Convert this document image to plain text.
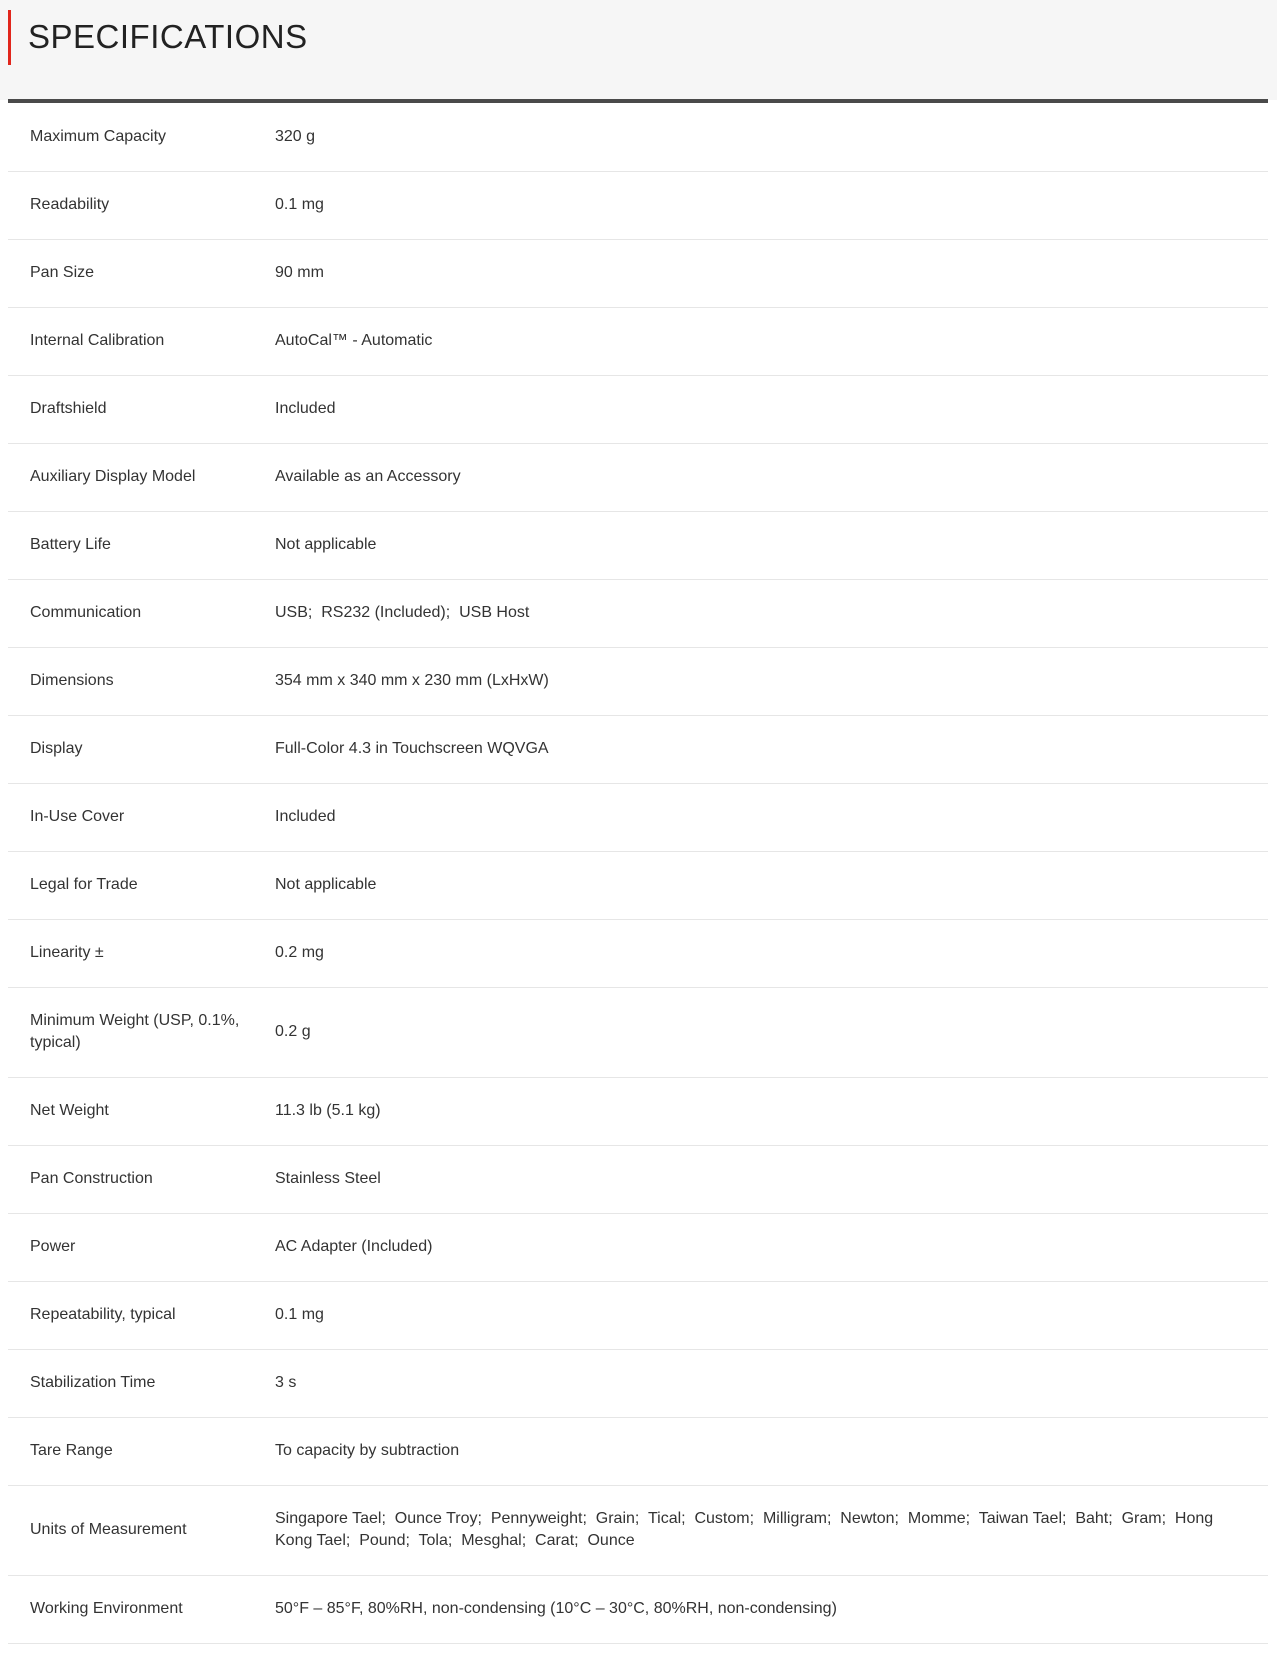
SPECIFICATIONS
Maximum Capacity	320 g
Readability	0.1 mg
Pan Size	90 mm
Internal Calibration	AutoCal™ - Automatic
Draftshield	Included
Auxiliary Display Model	Available as an Accessory
Battery Life	Not applicable
Communication	USB;  RS232 (Included);  USB Host
Dimensions	354 mm x 340 mm x 230 mm (LxHxW)
Display	Full-Color 4.3 in Touchscreen WQVGA
In-Use Cover	Included
Legal for Trade	Not applicable
Linearity ±	0.2 mg
Minimum Weight (USP, 0.1%, typical)	0.2 g
Net Weight	11.3 lb (5.1 kg)
Pan Construction	Stainless Steel
Power	AC Adapter (Included)
Repeatability, typical	0.1 mg
Stabilization Time	3 s
Tare Range	To capacity by subtraction
Units of Measurement	Singapore Tael;  Ounce Troy;  Pennyweight;  Grain;  Tical;  Custom;  Milligram;  Newton;  Momme;  Taiwan Tael;  Baht;  Gram;  Hong Kong Tael;  Pound;  Tola;  Mesghal;  Carat;  Ounce
Working Environment	50°F – 85°F, 80%RH, non-condensing (10°C – 30°C, 80%RH, non-condensing)
